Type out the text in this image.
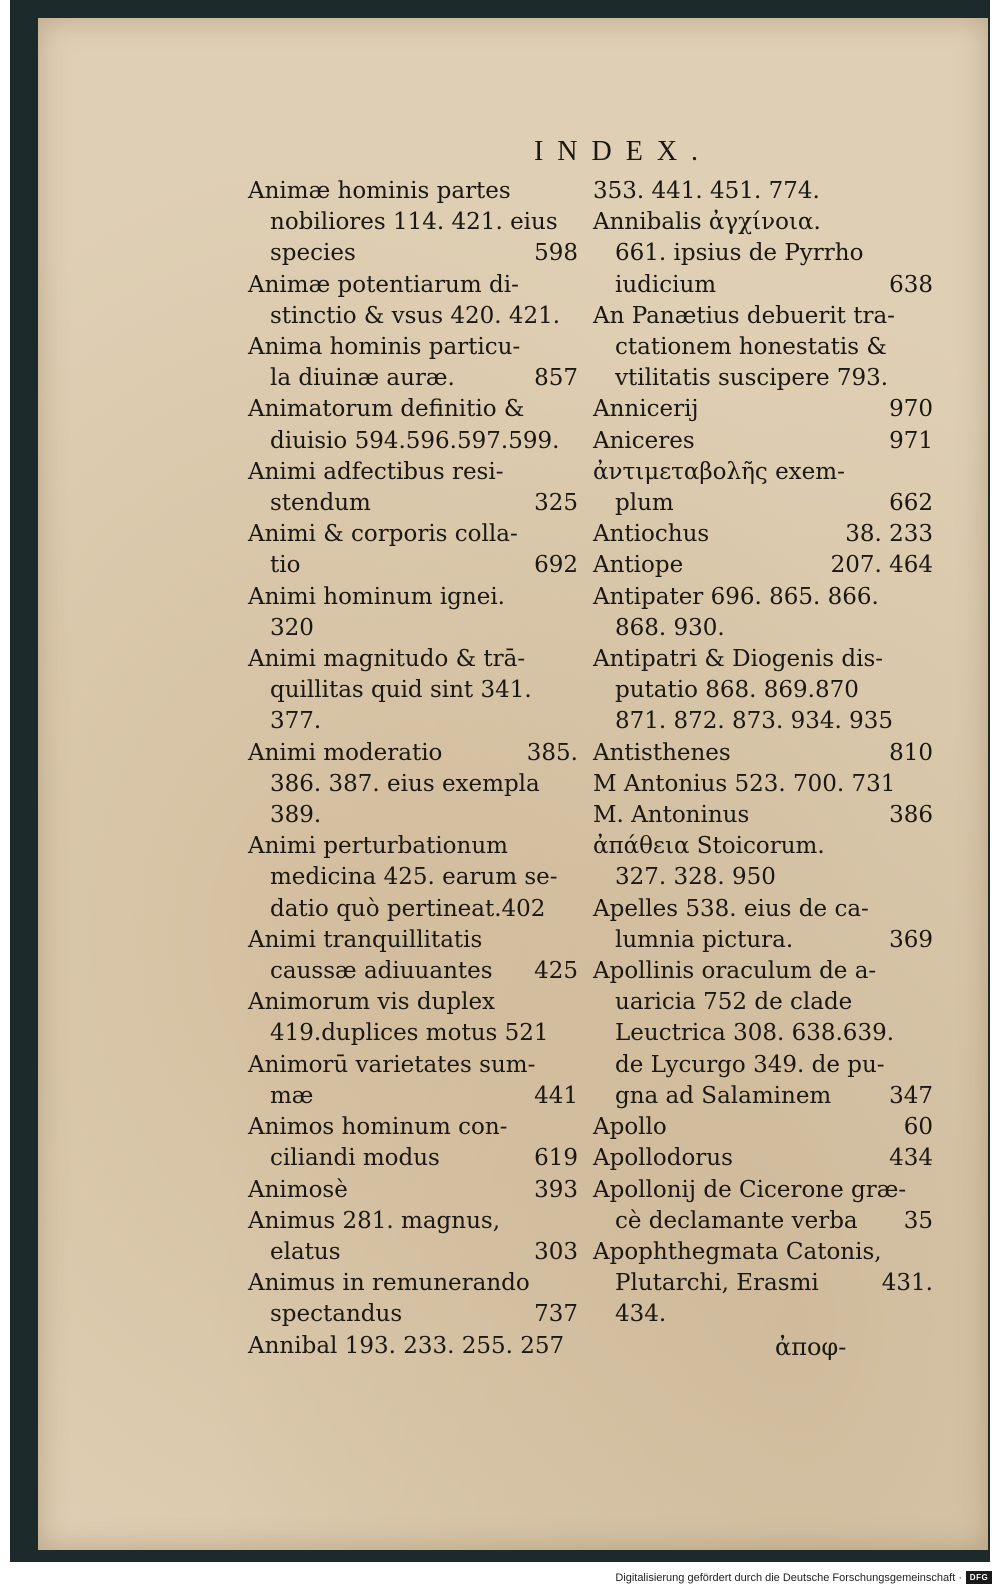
INDEX.
Animæ hominis partes
nobiliores 114. 421. eius
species	598
Animæ potentiarum di-
stinctio & vsus 420. 421.
Anima hominis particu-
la diuinæ auræ.	857
Animatorum definitio &
diuisio 594.596.597.599.
Animi adfectibus resi-
stendum	325
Animi & corporis colla-
tio	692
Animi hominum ignei.
320
Animi magnitudo & trā-
quillitas quid sint 341.
377.
Animi moderatio	385.
386. 387. eius exempla
389.
Animi perturbationum
medicina 425. earum se-
datio quò pertineat.402
Animi tranquillitatis
caussæ adiuuantes	425
Animorum vis duplex
419.duplices motus 521
Animorū varietates sum-
mæ	441
Animos hominum con-
ciliandi modus	619
Animosè	393
Animus 281. magnus,
elatus	303
Animus in remunerando
spectandus	737
Annibal 193. 233. 255. 257
353. 441. 451. 774.
Annibalis ἀγχίνοια.
661. ipsius de Pyrrho
iudicium	638
An Panætius debuerit tra-
ctationem honestatis &
vtilitatis suscipere 793.
Annicerij	970
Aniceres	971
ἀντιμεταβολῆς exem-
plum	662
Antiochus	38. 233
Antiope	207. 464
Antipater 696. 865. 866.
868. 930.
Antipatri & Diogenis dis-
putatio 868. 869.870
871. 872. 873. 934. 935
Antisthenes	810
M Antonius 523. 700. 731
M. Antoninus	386
ἀπάθεια Stoicorum.
327. 328. 950
Apelles 538. eius de ca-
lumnia pictura.	369
Apollinis oraculum de a-
uaricia 752 de clade
Leuctrica 308. 638.639.
de Lycurgo 349. de pu-
gna ad Salaminem	347
Apollo	60
Apollodorus	434
Apollonij de Cicerone græ-
cè declamante verba	35
Apophthegmata Catonis,
Plutarchi, Erasmi	431.
434.
ἀποφ-
Digitalisierung gefördert durch die Deutsche Forschungsgemeinschaft · DFG
